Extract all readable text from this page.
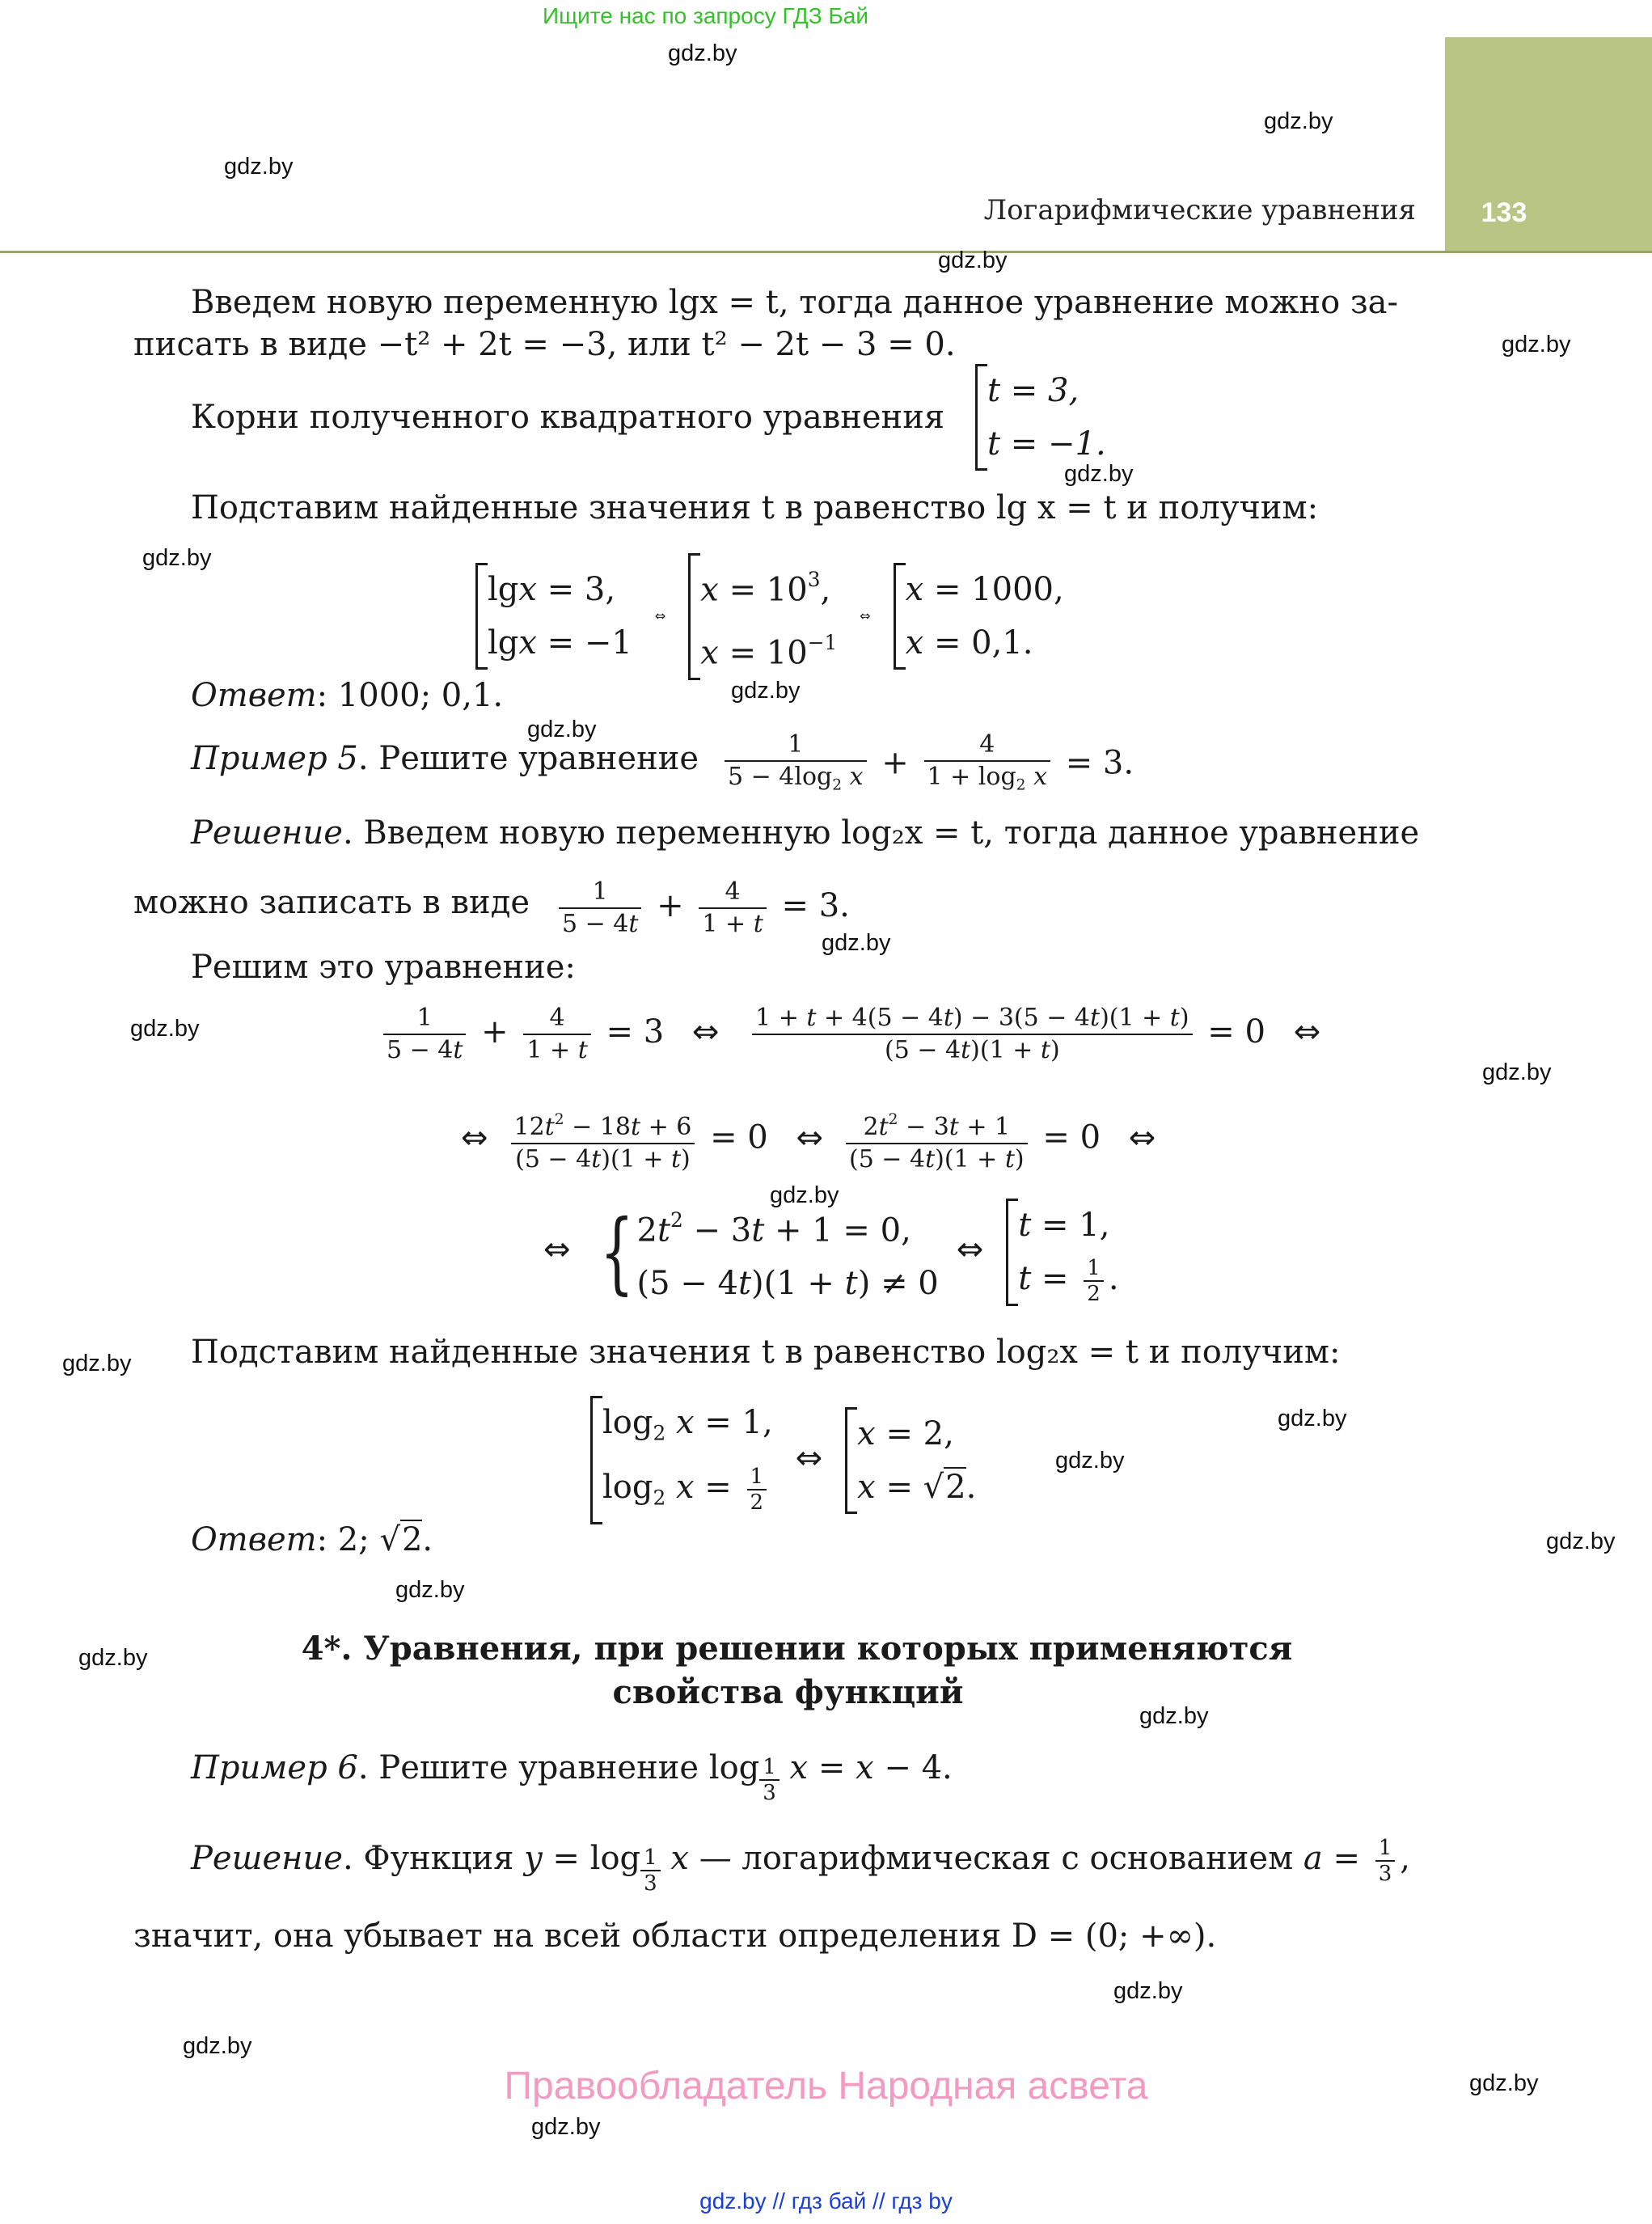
Ищите нас по запросу ГДЗ Бай
133
Логарифмические уравнения
gdz.by
gdz.by
gdz.by
gdz.by
gdz.by
gdz.by
gdz.by
gdz.by
gdz.by
gdz.by
gdz.by
gdz.by
gdz.by
gdz.by
gdz.by
gdz.by
gdz.by
gdz.by
gdz.by
gdz.by
gdz.by
gdz.by
gdz.by
gdz.by
Введем новую переменную lgx = t, тогда данное уравнение можно за-
писать в виде −t² + 2t = −3, или t² − 2t − 3 = 0.
Корни полученного квадратного уравнения
t = 3,
t = −1.
Подставим найденные значения t в равенство lg x = t и получим:
lgx = 3,
lgx = −1
⇔
$x = 10^3$,
$x = 10^{-1}$
⇔
x = 1000,
x = 0,1.
Ответ: 1000; 0,1.
Пример 5. Решите уравнение $\frac{1}{5 - 4\log_2 x} + \frac{4}{1 + \log_2 x} = 3$.
Решение. Введем новую переменную log₂x = t, тогда данное уравнение
можно записать в виде $\frac{1}{5 - 4t} + \frac{4}{1 + t} = 3$.
Решим это уравнение:
$\frac{1}{5 - 4t} + \frac{4}{1 + t} = 3$ ⇔ $\frac{1 + t + 4(5 - 4t) - 3(5 - 4t)(1 + t)}{(5 - 4t)(1 + t)} = 0$ ⇔
⇔ $\frac{12t^2 - 18t + 6}{(5 - 4t)(1 + t)} = 0$ ⇔ $\frac{2t^2 - 3t + 1}{(5 - 4t)(1 + t)} = 0$ ⇔
⇔ { $2t^2 - 3t + 1 = 0$,
(5 − 4t)(1 + t) ≠ 0
⇔
t = 1,
$t = \frac{1}{2}$ .
Подставим найденные значения t в равенство log₂x = t и получим:
$\log_2 x = 1$,
$\log_2 x = \frac{1}{2}$
⇔
x = 2,
x = √2.
Ответ: 2; √2.
4*. Уравнения, при решении которых применяются
свойства функций
Пример 6. Решите уравнение log $_{\frac{1}{3}}$ x = x − 4.
Решение. Функция y = log $_{\frac{1}{3}}$ x — логарифмическая с основанием $a = \frac{1}{3}$ ,
значит, она убывает на всей области определения D = (0; +∞).
Правообладатель Народная асвета
gdz.by // гдз бай // гдз by
